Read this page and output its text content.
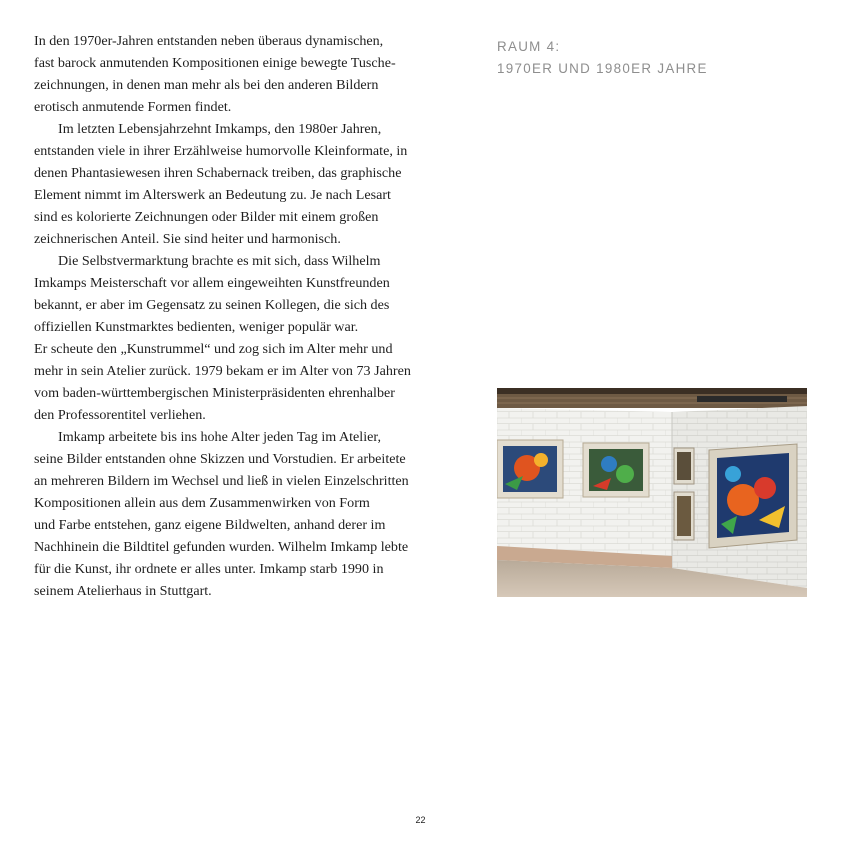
In den 1970er-Jahren entstanden neben überaus dynamischen,
fast barock anmutenden Kompositionen einige bewegte Tusche-
zeichnungen, in denen man mehr als bei den anderen Bildern
erotisch anmutende Formen findet.
Im letzten Lebensjahrzehnt Imkamps, den 1980er Jahren,
entstanden viele in ihrer Erzählweise humorvolle Kleinformate, in
denen Phantasiewesen ihren Schabernack treiben, das graphische
Element nimmt im Alterswerk an Bedeutung zu. Je nach Lesart
sind es kolorierte Zeichnungen oder Bilder mit einem großen
zeichnerischen Anteil. Sie sind heiter und harmonisch.
Die Selbstvermarktung brachte es mit sich, dass Wilhelm
Imkamps Meisterschaft vor allem eingeweihten Kunstfreunden
bekannt, er aber im Gegensatz zu seinen Kollegen, die sich des
offiziellen Kunstmarktes bedienten, weniger populär war.
Er scheute den „Kunstrummel“ und zog sich im Alter mehr und
mehr in sein Atelier zurück. 1979 bekam er im Alter von 73 Jahren
vom baden-württembergischen Ministerpräsidenten ehrenhalber
den Professorentitel verliehen.
Imkamp arbeitete bis ins hohe Alter jeden Tag im Atelier,
seine Bilder entstanden ohne Skizzen und Vorstudien. Er arbeitete
an mehreren Bildern im Wechsel und ließ in vielen Einzelschritten
Kompositionen allein aus dem Zusammenwirken von Form
und Farbe entstehen, ganz eigene Bildwelten, anhand derer im
Nachhinein die Bildtitel gefunden wurden. Wilhelm Imkamp lebte
für die Kunst, ihr ordnete er alles unter. Imkamp starb 1990 in
seinem Atelierhaus in Stuttgart.
RAUM 4:
1970ER UND 1980ER JAHRE
22
